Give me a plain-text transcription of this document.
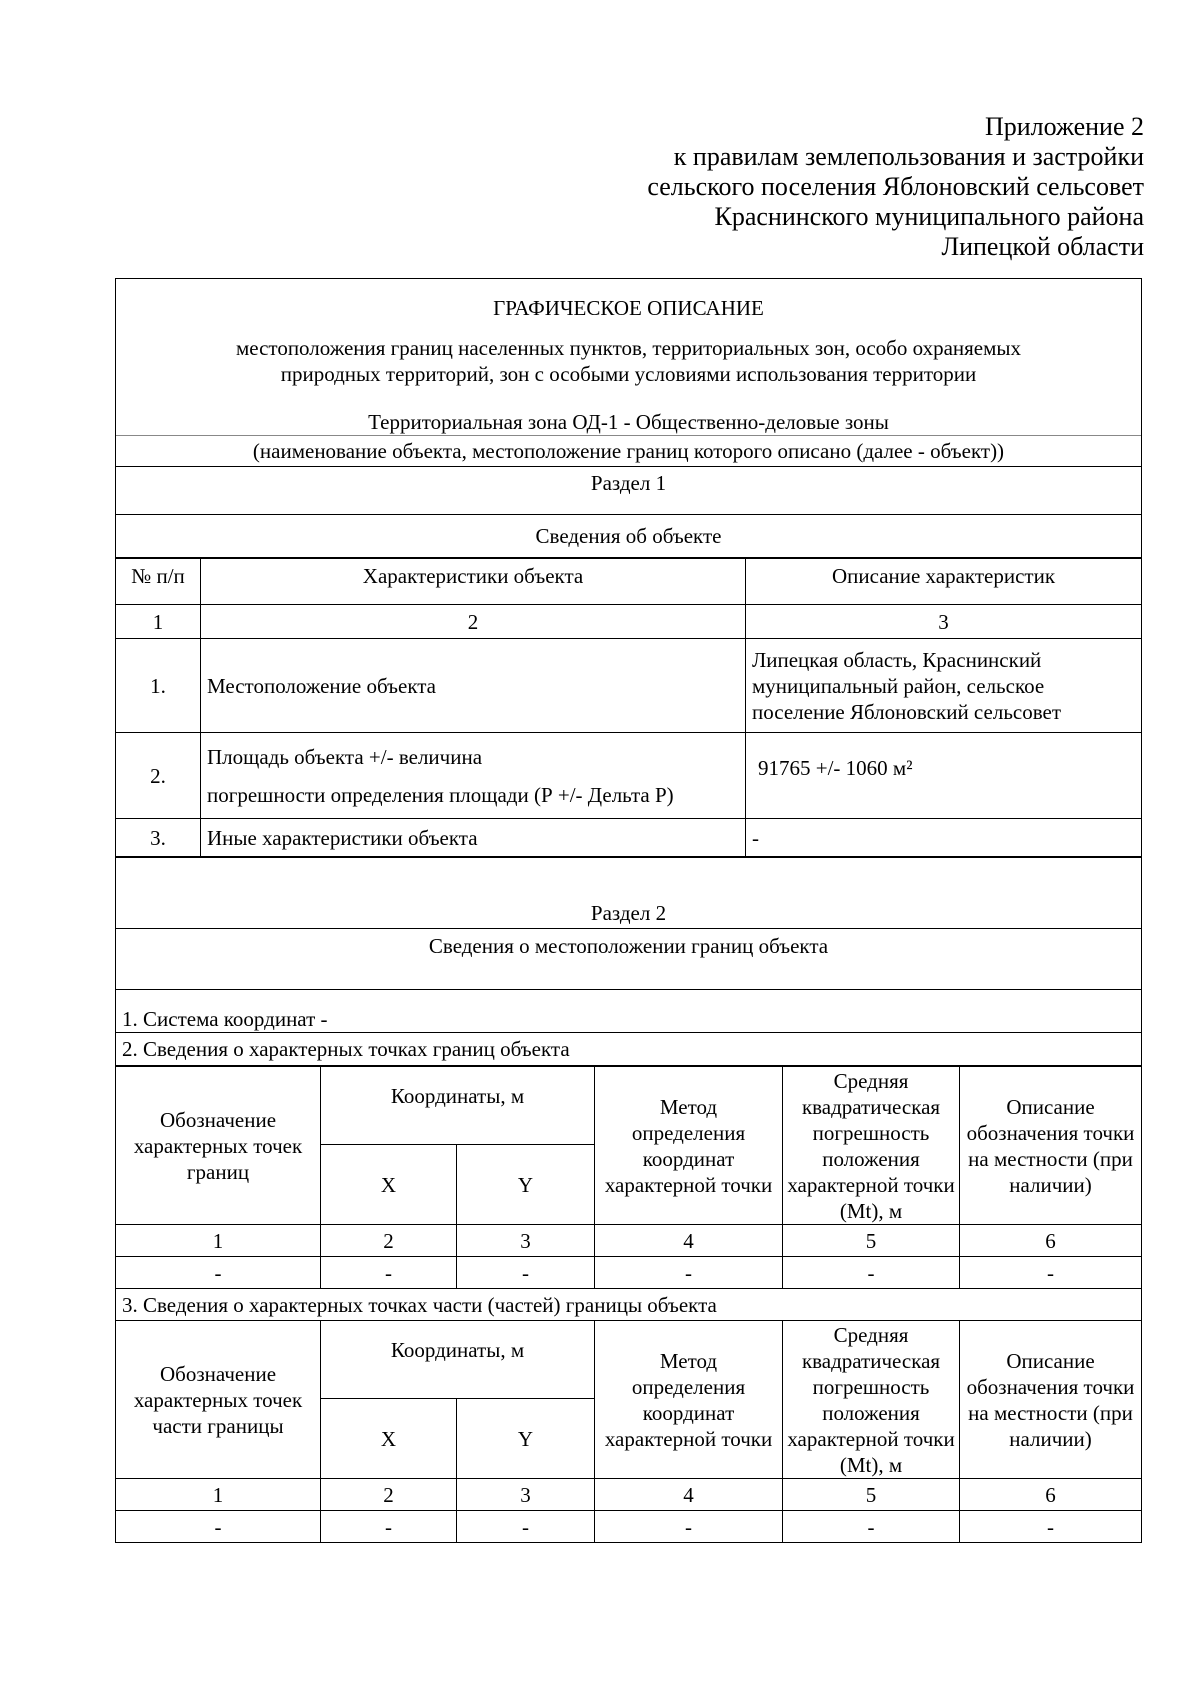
Приложение 2
к правилам землепользования и застройки
сельского поселения Яблоновский сельсовет
Краснинского муниципального района
Липецкой области
ГРАФИЧЕСКОЕ ОПИСАНИЕ
местоположения границ населенных пунктов, территориальных зон, особо охраняемых
природных территорий, зон с особыми условиями использования территории
Территориальная зона ОД-1 - Общественно-деловые зоны

(наименование объекта, местоположение границ которого описано (далее - объект))
Раздел 1
Сведения об объекте
№ п/п	Характеристики объекта	Описание характеристик
1	2	3
1.	Местоположение объекта	Липецкая область, Краснинский
муниципальный район, сельское
поселение Яблоновский сельсовет

2.	Площадь объекта +/- величина
погрешности определения площади (Р +/- Дельта Р)	91765 +/- 1060 м²
3.	Иные характеристики объекта	-
Раздел 2
Сведения о местоположении границ объекта
1. Система координат -
2. Сведения о характерных точках границ объекта
Обозначение характерных точек границ	Координаты, м		Метод определения координат характерной точки	Средняя квадратическая погрешность положения характерной точки (Mt), м	Описание обозначения точки на местности (при наличии)
	X	Y			
1	2	3	4	5	6
-	-	-	-	-	-
3. Сведения о характерных точках части (частей) границы объекта					
Обозначение характерных точек части границы	Координаты, м		Метод определения координат характерной точки	Средняя квадратическая погрешность положения характерной точки (Mt), м	Описание обозначения точки на местности (при наличии)
	X	Y			
1	2	3	4	5	6
-	-	-	-	-	-
